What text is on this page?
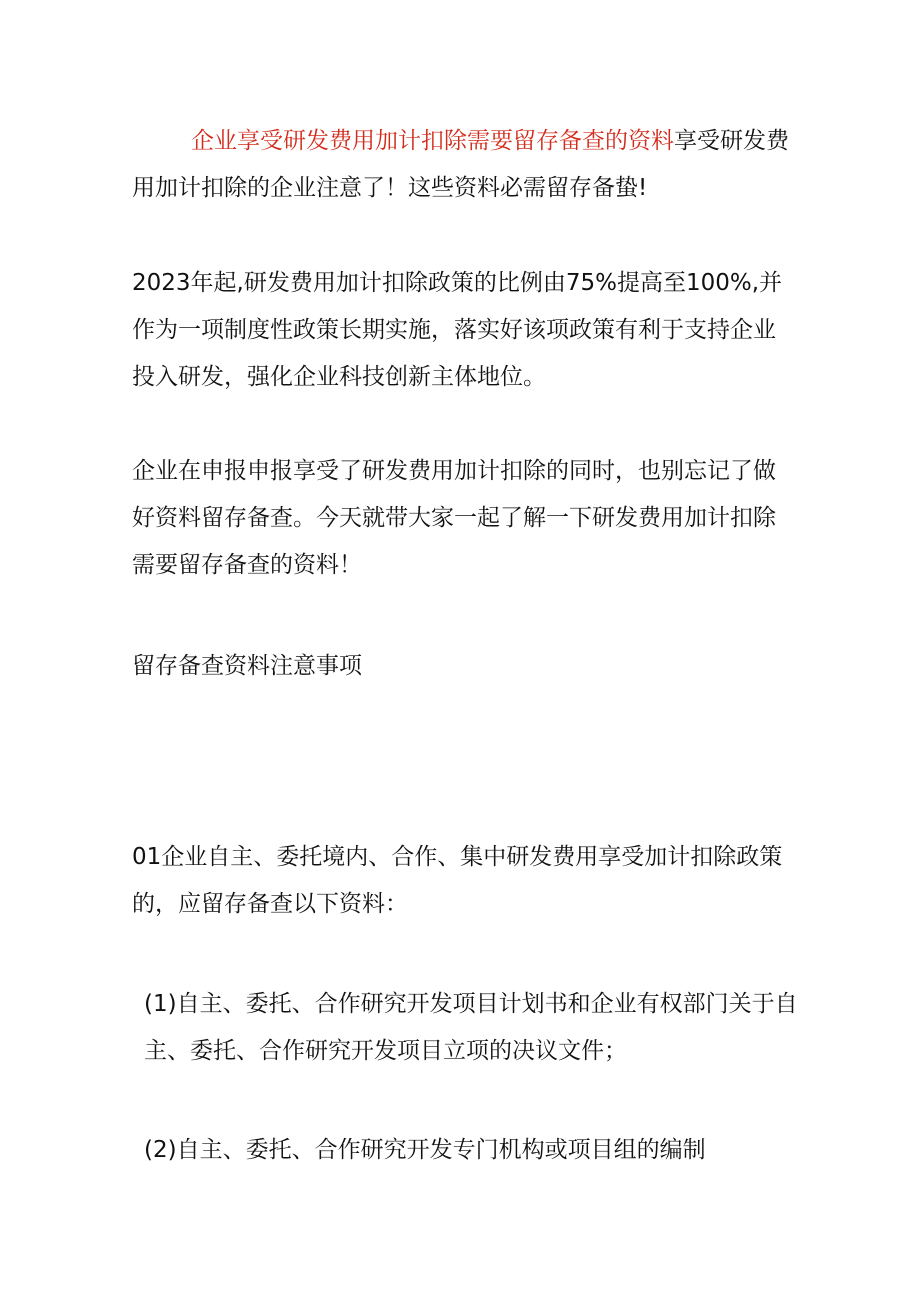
企业享受研发费用加计扣除需要留存备查的资料享受研发费用加计扣除的企业注意了！这些资料必需留存备蛰!

2023年起,研发费用加计扣除政策的比例由75%提高至100%,并作为一项制度性政策长期实施，落实好该项政策有利于支持企业投入研发，强化企业科技创新主体地位。

企业在申报申报享受了研发费用加计扣除的同时，也别忘记了做好资料留存备查。今天就带大家一起了解一下研发费用加计扣除需要留存备查的资料！

留存备查资料注意事项

01企业自主、委托境内、合作、集中研发费用享受加计扣除政策的，应留存备查以下资料：

(1)自主、委托、合作研究开发项目计划书和企业有权部门关于自主、委托、合作研究开发项目立项的决议文件；

(2)自主、委托、合作研究开发专门机构或项目组的编制
